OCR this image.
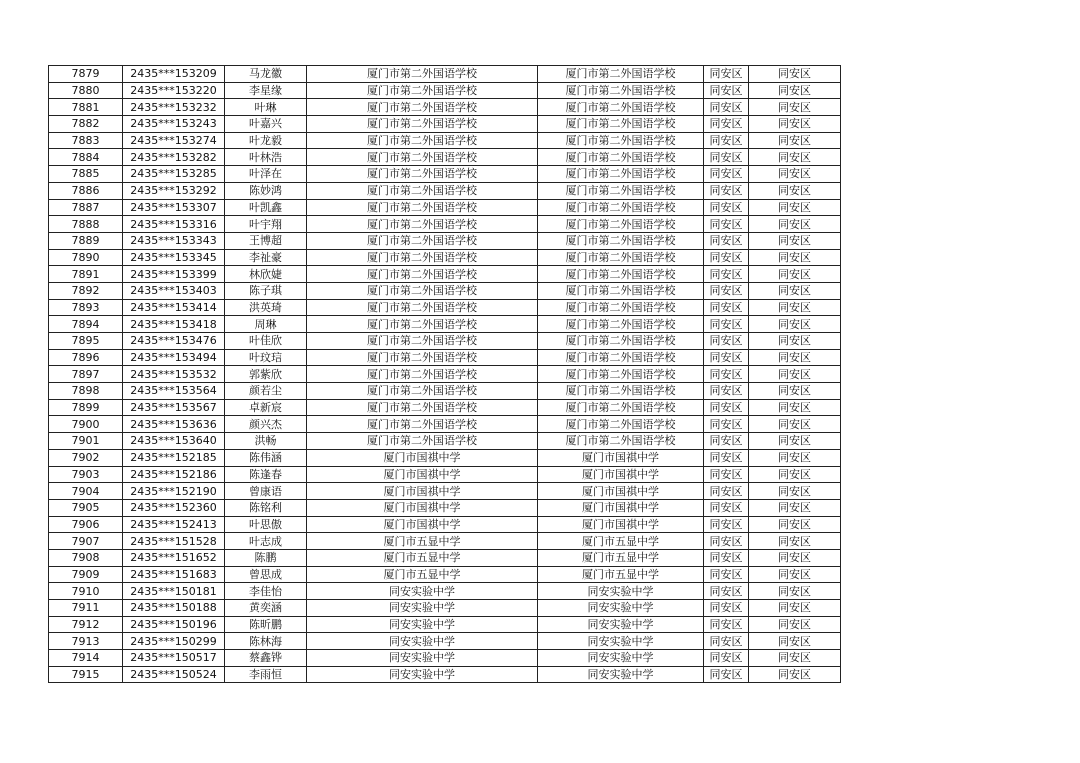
7879	2435***153209	马龙徽	厦门市第二外国语学校	厦门市第二外国语学校	同安区	同安区
7880	2435***153220	李星缘	厦门市第二外国语学校	厦门市第二外国语学校	同安区	同安区
7881	2435***153232	叶琳	厦门市第二外国语学校	厦门市第二外国语学校	同安区	同安区
7882	2435***153243	叶嘉兴	厦门市第二外国语学校	厦门市第二外国语学校	同安区	同安区
7883	2435***153274	叶龙毅	厦门市第二外国语学校	厦门市第二外国语学校	同安区	同安区
7884	2435***153282	叶林浩	厦门市第二外国语学校	厦门市第二外国语学校	同安区	同安区
7885	2435***153285	叶泽在	厦门市第二外国语学校	厦门市第二外国语学校	同安区	同安区
7886	2435***153292	陈妙鸿	厦门市第二外国语学校	厦门市第二外国语学校	同安区	同安区
7887	2435***153307	叶凯鑫	厦门市第二外国语学校	厦门市第二外国语学校	同安区	同安区
7888	2435***153316	叶宇翔	厦门市第二外国语学校	厦门市第二外国语学校	同安区	同安区
7889	2435***153343	王博超	厦门市第二外国语学校	厦门市第二外国语学校	同安区	同安区
7890	2435***153345	李祉豪	厦门市第二外国语学校	厦门市第二外国语学校	同安区	同安区
7891	2435***153399	林欣婕	厦门市第二外国语学校	厦门市第二外国语学校	同安区	同安区
7892	2435***153403	陈子琪	厦门市第二外国语学校	厦门市第二外国语学校	同安区	同安区
7893	2435***153414	洪英琦	厦门市第二外国语学校	厦门市第二外国语学校	同安区	同安区
7894	2435***153418	周琳	厦门市第二外国语学校	厦门市第二外国语学校	同安区	同安区
7895	2435***153476	叶佳欣	厦门市第二外国语学校	厦门市第二外国语学校	同安区	同安区
7896	2435***153494	叶玟琂	厦门市第二外国语学校	厦门市第二外国语学校	同安区	同安区
7897	2435***153532	郭紫欣	厦门市第二外国语学校	厦门市第二外国语学校	同安区	同安区
7898	2435***153564	颜若尘	厦门市第二外国语学校	厦门市第二外国语学校	同安区	同安区
7899	2435***153567	卓新宸	厦门市第二外国语学校	厦门市第二外国语学校	同安区	同安区
7900	2435***153636	颜兴杰	厦门市第二外国语学校	厦门市第二外国语学校	同安区	同安区
7901	2435***153640	洪畅	厦门市第二外国语学校	厦门市第二外国语学校	同安区	同安区
7902	2435***152185	陈伟涵	厦门市国祺中学	厦门市国祺中学	同安区	同安区
7903	2435***152186	陈逢春	厦门市国祺中学	厦门市国祺中学	同安区	同安区
7904	2435***152190	曾康语	厦门市国祺中学	厦门市国祺中学	同安区	同安区
7905	2435***152360	陈铭利	厦门市国祺中学	厦门市国祺中学	同安区	同安区
7906	2435***152413	叶思傲	厦门市国祺中学	厦门市国祺中学	同安区	同安区
7907	2435***151528	叶志成	厦门市五显中学	厦门市五显中学	同安区	同安区
7908	2435***151652	陈鹏	厦门市五显中学	厦门市五显中学	同安区	同安区
7909	2435***151683	曾思成	厦门市五显中学	厦门市五显中学	同安区	同安区
7910	2435***150181	李佳怡	同安实验中学	同安实验中学	同安区	同安区
7911	2435***150188	黄奕涵	同安实验中学	同安实验中学	同安区	同安区
7912	2435***150196	陈昕鹏	同安实验中学	同安实验中学	同安区	同安区
7913	2435***150299	陈林海	同安实验中学	同安实验中学	同安区	同安区
7914	2435***150517	蔡鑫铧	同安实验中学	同安实验中学	同安区	同安区
7915	2435***150524	李雨恒	同安实验中学	同安实验中学	同安区	同安区
